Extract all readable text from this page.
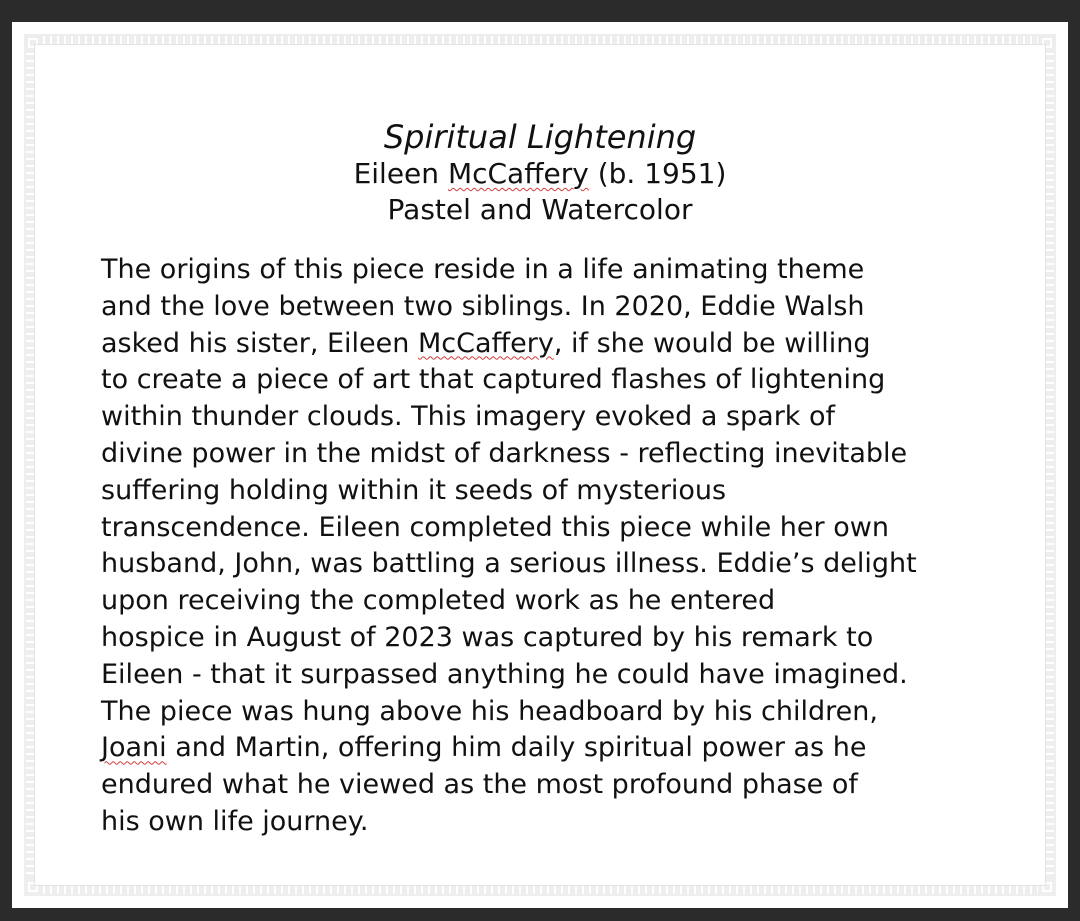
Spiritual Lightening
Eileen McCaffery (b. 1951)
Pastel and Watercolor
The origins of this piece reside in a life animating theme
and the love between two siblings. In 2020, Eddie Walsh
asked his sister, Eileen McCaffery, if she would be willing
to create a piece of art that captured flashes of lightening
within thunder clouds. This imagery evoked a spark of
divine power in the midst of darkness - reflecting inevitable
suffering holding within it seeds of mysterious
transcendence. Eileen completed this piece while her own
husband, John, was battling a serious illness. Eddie’s delight
upon receiving the completed work as he entered
hospice in August of 2023 was captured by his remark to
Eileen - that it surpassed anything he could have imagined.
The piece was hung above his headboard by his children,
Joani and Martin, offering him daily spiritual power as he
endured what he viewed as the most profound phase of
his own life journey.
